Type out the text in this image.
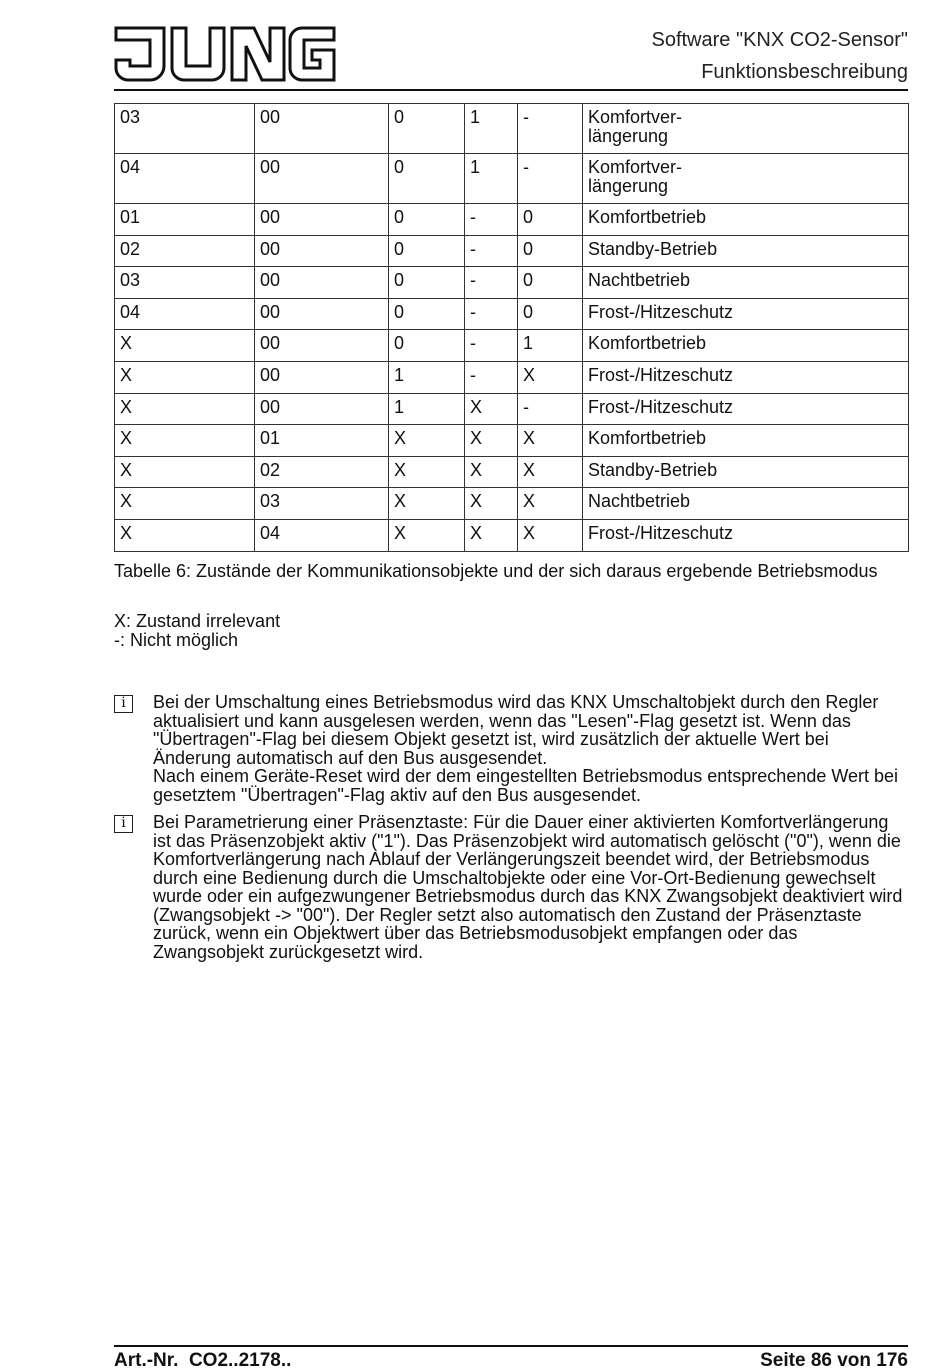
Software "KNX CO2-Sensor"
Funktionsbeschreibung
03	00	0	1	-	Komfortver-
längerung
04	00	0	1	-	Komfortver-
längerung
01	00	0	-	0	Komfortbetrieb
02	00	0	-	0	Standby-Betrieb
03	00	0	-	0	Nachtbetrieb
04	00	0	-	0	Frost-/Hitzeschutz
X	00	0	-	1	Komfortbetrieb
X	00	1	-	X	Frost-/Hitzeschutz
X	00	1	X	-	Frost-/Hitzeschutz
X	01	X	X	X	Komfortbetrieb
X	02	X	X	X	Standby-Betrieb
X	03	X	X	X	Nachtbetrieb
X	04	X	X	X	Frost-/Hitzeschutz
Tabelle 6: Zustände der Kommunikationsobjekte und der sich daraus ergebende Betriebsmodus
X: Zustand irrelevant
-: Nicht möglich
i	Bei der Umschaltung eines Betriebsmodus wird das KNX Umschaltobjekt durch den Regler aktualisiert und kann ausgelesen werden, wenn das "Lesen"-Flag gesetzt ist. Wenn das "Übertragen"-Flag bei diesem Objekt gesetzt ist, wird zusätzlich der aktuelle Wert bei Änderung automatisch auf den Bus ausgesendet.
Nach einem Geräte-Reset wird der dem eingestellten Betriebsmodus entsprechende Wert bei gesetztem "Übertragen"-Flag aktiv auf den Bus ausgesendet.
i	Bei Parametrierung einer Präsenztaste: Für die Dauer einer aktivierten Komfortverlängerung ist das Präsenzobjekt aktiv ("1"). Das Präsenzobjekt wird automatisch gelöscht ("0"), wenn die Komfortverlängerung nach Ablauf der Verlängerungszeit beendet wird, der Betriebsmodus durch eine Bedienung durch die Umschaltobjekte oder eine Vor-Ort-Bedienung gewechselt wurde oder ein aufgezwungener Betriebsmodus durch das KNX Zwangsobjekt deaktiviert wird (Zwangsobjekt -> "00"). Der Regler setzt also automatisch den Zustand der Präsenztaste zurück, wenn ein Objektwert über das Betriebsmodusobjekt empfangen oder das Zwangsobjekt zurückgesetzt wird.
Art.-Nr.  CO2..2178..	Seite 86 von 176
